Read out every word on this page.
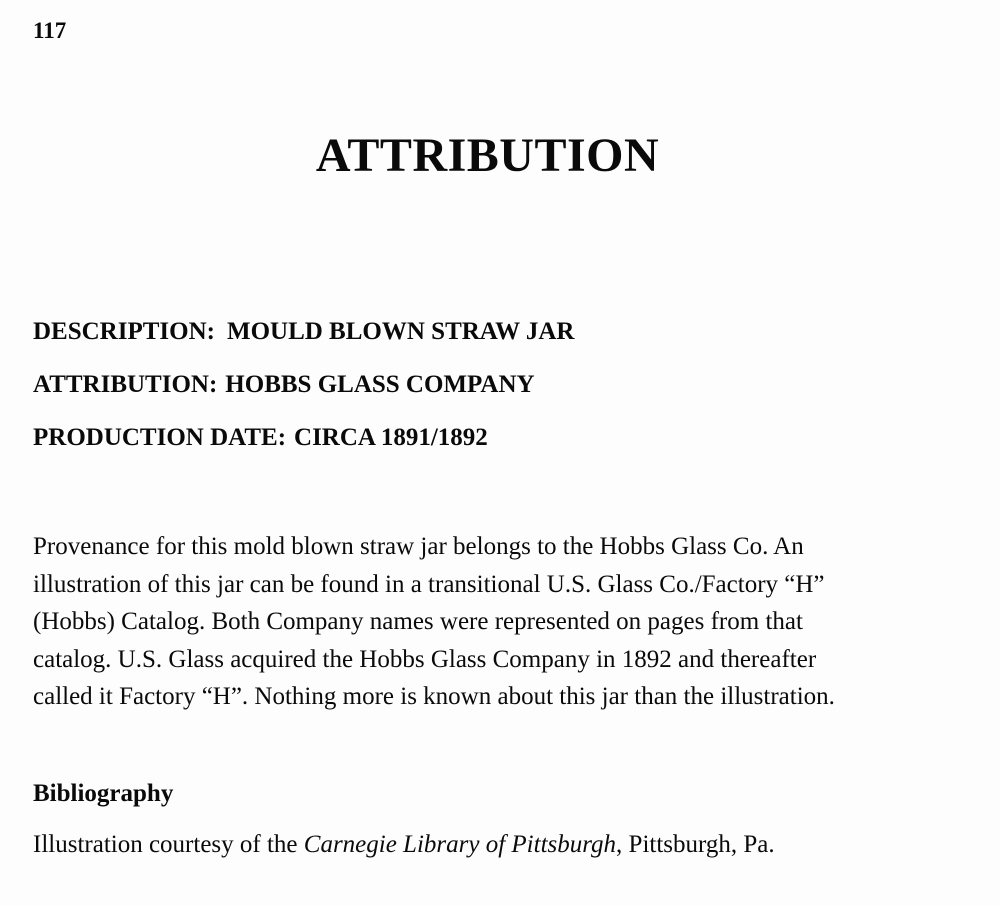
117
ATTRIBUTION
DESCRIPTION: MOULD BLOWN STRAW JAR
ATTRIBUTION: HOBBS GLASS COMPANY
PRODUCTION DATE: CIRCA 1891/1892
Provenance for this mold blown straw jar belongs to the Hobbs Glass Co. An
illustration of this jar can be found in a transitional U.S. Glass Co./Factory “H”
(Hobbs) Catalog. Both Company names were represented on pages from that
catalog. U.S. Glass acquired the Hobbs Glass Company in 1892 and thereafter
called it Factory “H”. Nothing more is known about this jar than the illustration.
Bibliography
Illustration courtesy of the Carnegie Library of Pittsburgh, Pittsburgh, Pa.
